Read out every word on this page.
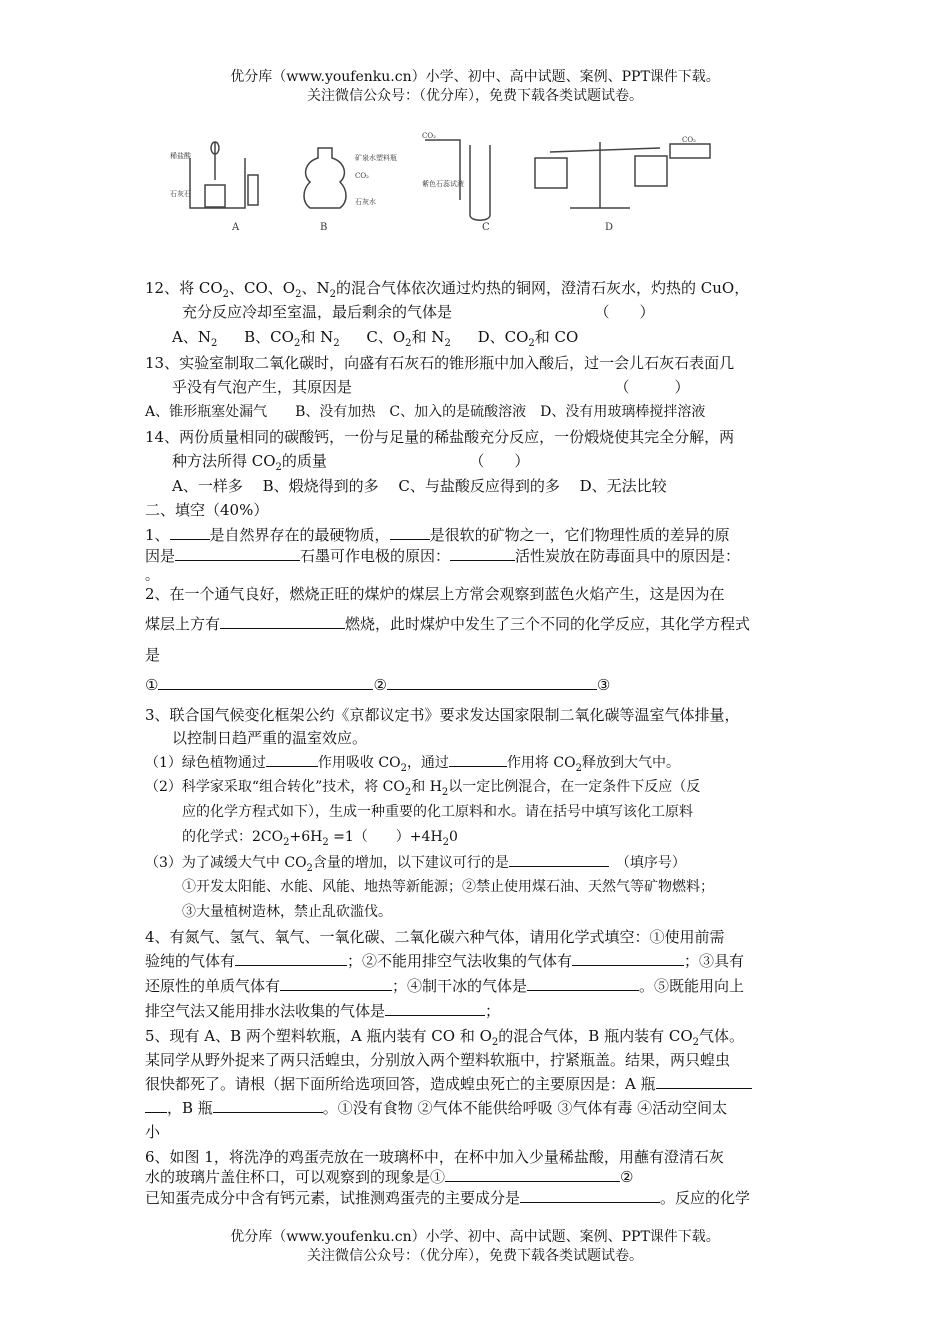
优分库（www.youfenku.cn）小学、初中、高中试题、案例、PPT课件下载。
关注微信公众号：（优分库），免费下载各类试题试卷。
稀盐酸
石灰石
A
矿泉水塑料瓶
CO₂
石灰水
B
CO₂
紫色石蕊试液
C
CO₂
D
12、将 $CO_2$、CO、$O_2$、$N_2$的混合气体依次通过灼热的铜网，澄清石灰水，灼热的 CuO，
充分反应冷却至室温，最后剩余的气体是　　　　　　　　　　（　　）
A、$N_2$ B、$CO_2$和 $N_2$ C、$O_2$和 $N_2$ D、$CO_2$和 CO
13、实验室制取二氧化碳时，向盛有石灰石的锥形瓶中加入酸后，过一会儿石灰石表面几
乎没有气泡产生，其原因是　　　　　　　　　　　　　　　　　　（　　　）
A、锥形瓶塞处漏气　　B、没有加热　C、加入的是硫酸溶液　D、没有用玻璃棒搅拌溶液
14、两份质量相同的碳酸钙，一份与足量的稀盐酸充分反应，一份煅烧使其完全分解，两
种方法所得 $CO_2$的质量　　　　　　　　　　（　　）
A、一样多　 B、煅烧得到的多　 C、与盐酸反应得到的多　 D、无法比较
二、填空（40%）
1、	是自然界存在的最硬物质，	是很软的矿物之一，它们物理性质的差异的原
因是	石墨可作电极的原因：	活性炭放在防毒面具中的原因是：
。
2、在一个通气良好，燃烧正旺的煤炉的煤层上方常会观察到蓝色火焰产生，这是因为在
煤层上方有	燃烧，此时煤炉中发生了三个不同的化学反应，其化学方程式
是
①	②	③
3、联合国气候变化框架公约《京都议定书》要求发达国家限制二氧化碳等温室气体排量，
以控制日趋严重的温室效应。
（1）绿色植物通过	作用吸收 $CO_2$，通过	作用将 $CO_2$释放到大气中。
（2）科学家采取“组合转化”技术，将 $CO_2$和 $H_2$以一定比例混合，在一定条件下反应（反
应的化学方程式如下），生成一种重要的化工原料和水。请在括号中填写该化工原料
的化学式：$2CO_2+6H_2 =1$（　　）$+4H_20$
（3）为了减缓大气中 $CO_2$含量的增加，以下建议可行的是	　（填序号）
①开发太阳能、水能、风能、地热等新能源；②禁止使用煤石油、天然气等矿物燃料；
③大量植树造林，禁止乱砍滥伐。
4、有氮气、氢气、氧气、一氧化碳、二氧化碳六种气体，请用化学式填空：①使用前需
验纯的气体有	；②不能用排空气法收集的气体有	；③具有
还原性的单质气体有	；④制干冰的气体是	。⑤既能用向上
排空气法又能用排水法收集的气体是	；
5、现有 A、B 两个塑料软瓶，A 瓶内装有 CO 和 $O_2$的混合气体，B 瓶内装有 $CO_2$气体。
某同学从野外捉来了两只活蝗虫，分别放入两个塑料软瓶中，拧紧瓶盖。结果，两只蝗虫
很快都死了。请根（据下面所给选项回答，造成蝗虫死亡的主要原因是：A 瓶
，B 瓶	。①没有食物 ②气体不能供给呼吸 ③气体有毒 ④活动空间太
小
6、如图 1，将洗净的鸡蛋壳放在一玻璃杯中，在杯中加入少量稀盐酸，用蘸有澄清石灰
水的玻璃片盖住杯口，可以观察到的现象是①	②
已知蛋壳成分中含有钙元素，试推测鸡蛋壳的主要成分是	。反应的化学
优分库（www.youfenku.cn）小学、初中、高中试题、案例、PPT课件下载。
关注微信公众号：（优分库），免费下载各类试题试卷。
